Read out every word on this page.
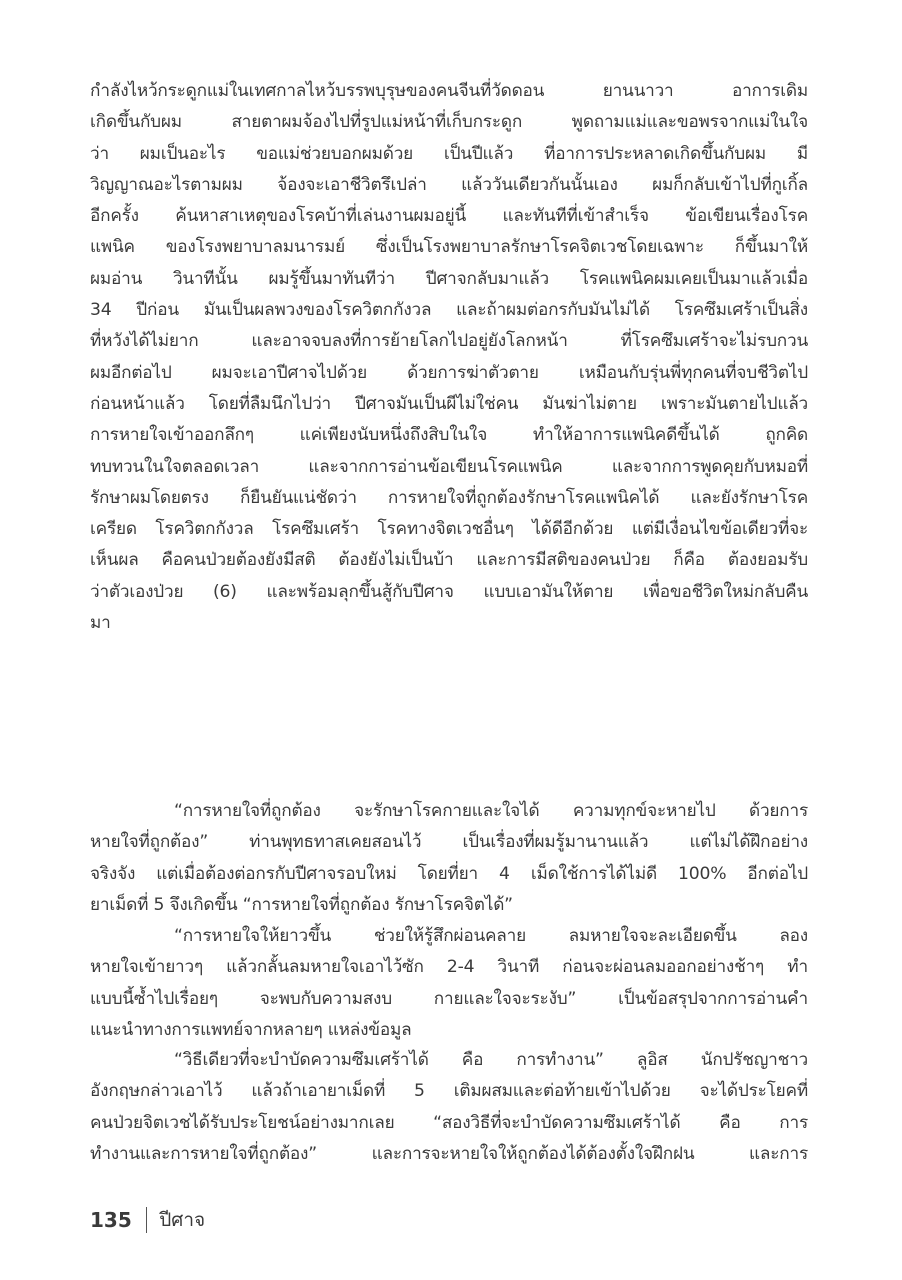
กำลังไหว้กระดูกแม่ในเทศกาลไหว้บรรพบุรุษของคนจีนที่วัดดอน ยานนาวา อาการเดิม
เกิดขึ้นกับผม สายตาผมจ้องไปที่รูปแม่หน้าที่เก็บกระดูก พูดถามแม่และขอพรจากแม่ในใจ
ว่า ผมเป็นอะไร ขอแม่ช่วยบอกผมด้วย เป็นปีแล้ว ที่อาการประหลาดเกิดขึ้นกับผม มี
วิญญาณอะไรตามผม จ้องจะเอาชีวิตรึเปล่า แล้ววันเดียวกันนั้นเอง ผมก็กลับเข้าไปที่กูเกิ้ล
อีกครั้ง ค้นหาสาเหตุของโรคบ้าที่เล่นงานผมอยู่นี้ และทันทีที่เข้าสำเร็จ ข้อเขียนเรื่องโรค
แพนิค ของโรงพยาบาลมนารมย์ ซึ่งเป็นโรงพยาบาลรักษาโรคจิตเวชโดยเฉพาะ ก็ขึ้นมาให้
ผมอ่าน วินาทีนั้น ผมรู้ขึ้นมาทันทีว่า ปีศาจกลับมาแล้ว โรคแพนิคผมเคยเป็นมาแล้วเมื่อ
34 ปีก่อน มันเป็นผลพวงของโรควิตกกังวล และถ้าผมต่อกรกับมันไม่ได้ โรคซึมเศร้าเป็นสิ่ง
ที่หวังได้ไม่ยาก และอาจจบลงที่การย้ายโลกไปอยู่ยังโลกหน้า ที่โรคซึมเศร้าจะไม่รบกวน
ผมอีกต่อไป ผมจะเอาปีศาจไปด้วย ด้วยการฆ่าตัวตาย เหมือนกับรุ่นพี่ทุกคนที่จบชีวิตไป
ก่อนหน้าแล้ว โดยที่ลืมนึกไปว่า ปีศาจมันเป็นผีไม่ใช่คน มันฆ่าไม่ตาย เพราะมันตายไปแล้ว
การหายใจเข้าออกลึกๆ แค่เพียงนับหนึ่งถึงสิบในใจ ทำให้อาการแพนิคดีขึ้นได้ ถูกคิด
ทบทวนในใจตลอดเวลา และจากการอ่านข้อเขียนโรคแพนิค และจากการพูดคุยกับหมอที่
รักษาผมโดยตรง ก็ยืนยันแน่ชัดว่า การหายใจที่ถูกต้องรักษาโรคแพนิคได้ และยังรักษาโรค
เครียด โรควิตกกังวล โรคซึมเศร้า โรคทางจิตเวชอื่นๆ ได้ดีอีกด้วย แต่มีเงื่อนไขข้อเดียวที่จะ
เห็นผล คือคนป่วยต้องยังมีสติ ต้องยังไม่เป็นบ้า และการมีสติของคนป่วย ก็คือ ต้องยอมรับ
ว่าตัวเองป่วย (6) และพร้อมลุกขึ้นสู้กับปีศาจ แบบเอามันให้ตาย เพื่อขอชีวิตใหม่กลับคืน
มา
“การหายใจที่ถูกต้อง จะรักษาโรคกายและใจได้ ความทุกข์จะหายไป ด้วยการ
หายใจที่ถูกต้อง” ท่านพุทธทาสเคยสอนไว้ เป็นเรื่องที่ผมรู้มานานแล้ว แต่ไม่ได้ฝึกอย่าง
จริงจัง แต่เมื่อต้องต่อกรกับปีศาจรอบใหม่ โดยที่ยา 4 เม็ดใช้การได้ไม่ดี 100% อีกต่อไป
ยาเม็ดที่ 5 จึงเกิดขึ้น “การหายใจที่ถูกต้อง รักษาโรคจิตได้”
“การหายใจให้ยาวขึ้น ช่วยให้รู้สึกผ่อนคลาย ลมหายใจจะละเอียดขึ้น ลอง
หายใจเข้ายาวๆ แล้วกลั้นลมหายใจเอาไว้ซัก 2-4 วินาที ก่อนจะผ่อนลมออกอย่างช้าๆ ทำ
แบบนี้ซ้ำไปเรื่อยๆ จะพบกับความสงบ กายและใจจะระงับ” เป็นข้อสรุปจากการอ่านคำ
แนะนำทางการแพทย์จากหลายๆ แหล่งข้อมูล
“วิธีเดียวที่จะบำบัดความซึมเศร้าได้ คือ การทำงาน” ลูอิส นักปรัชญาชาว
อังกฤษกล่าวเอาไว้ แล้วถ้าเอายาเม็ดที่ 5 เติมผสมและต่อท้ายเข้าไปด้วย จะได้ประโยคที่
คนป่วยจิตเวชได้รับประโยชน์อย่างมากเลย “สองวิธีที่จะบำบัดความซึมเศร้าได้ คือ การ
ทำงานและการหายใจที่ถูกต้อง” และการจะหายใจให้ถูกต้องได้ต้องตั้งใจฝึกฝน และการ
135 ปีศาจ
